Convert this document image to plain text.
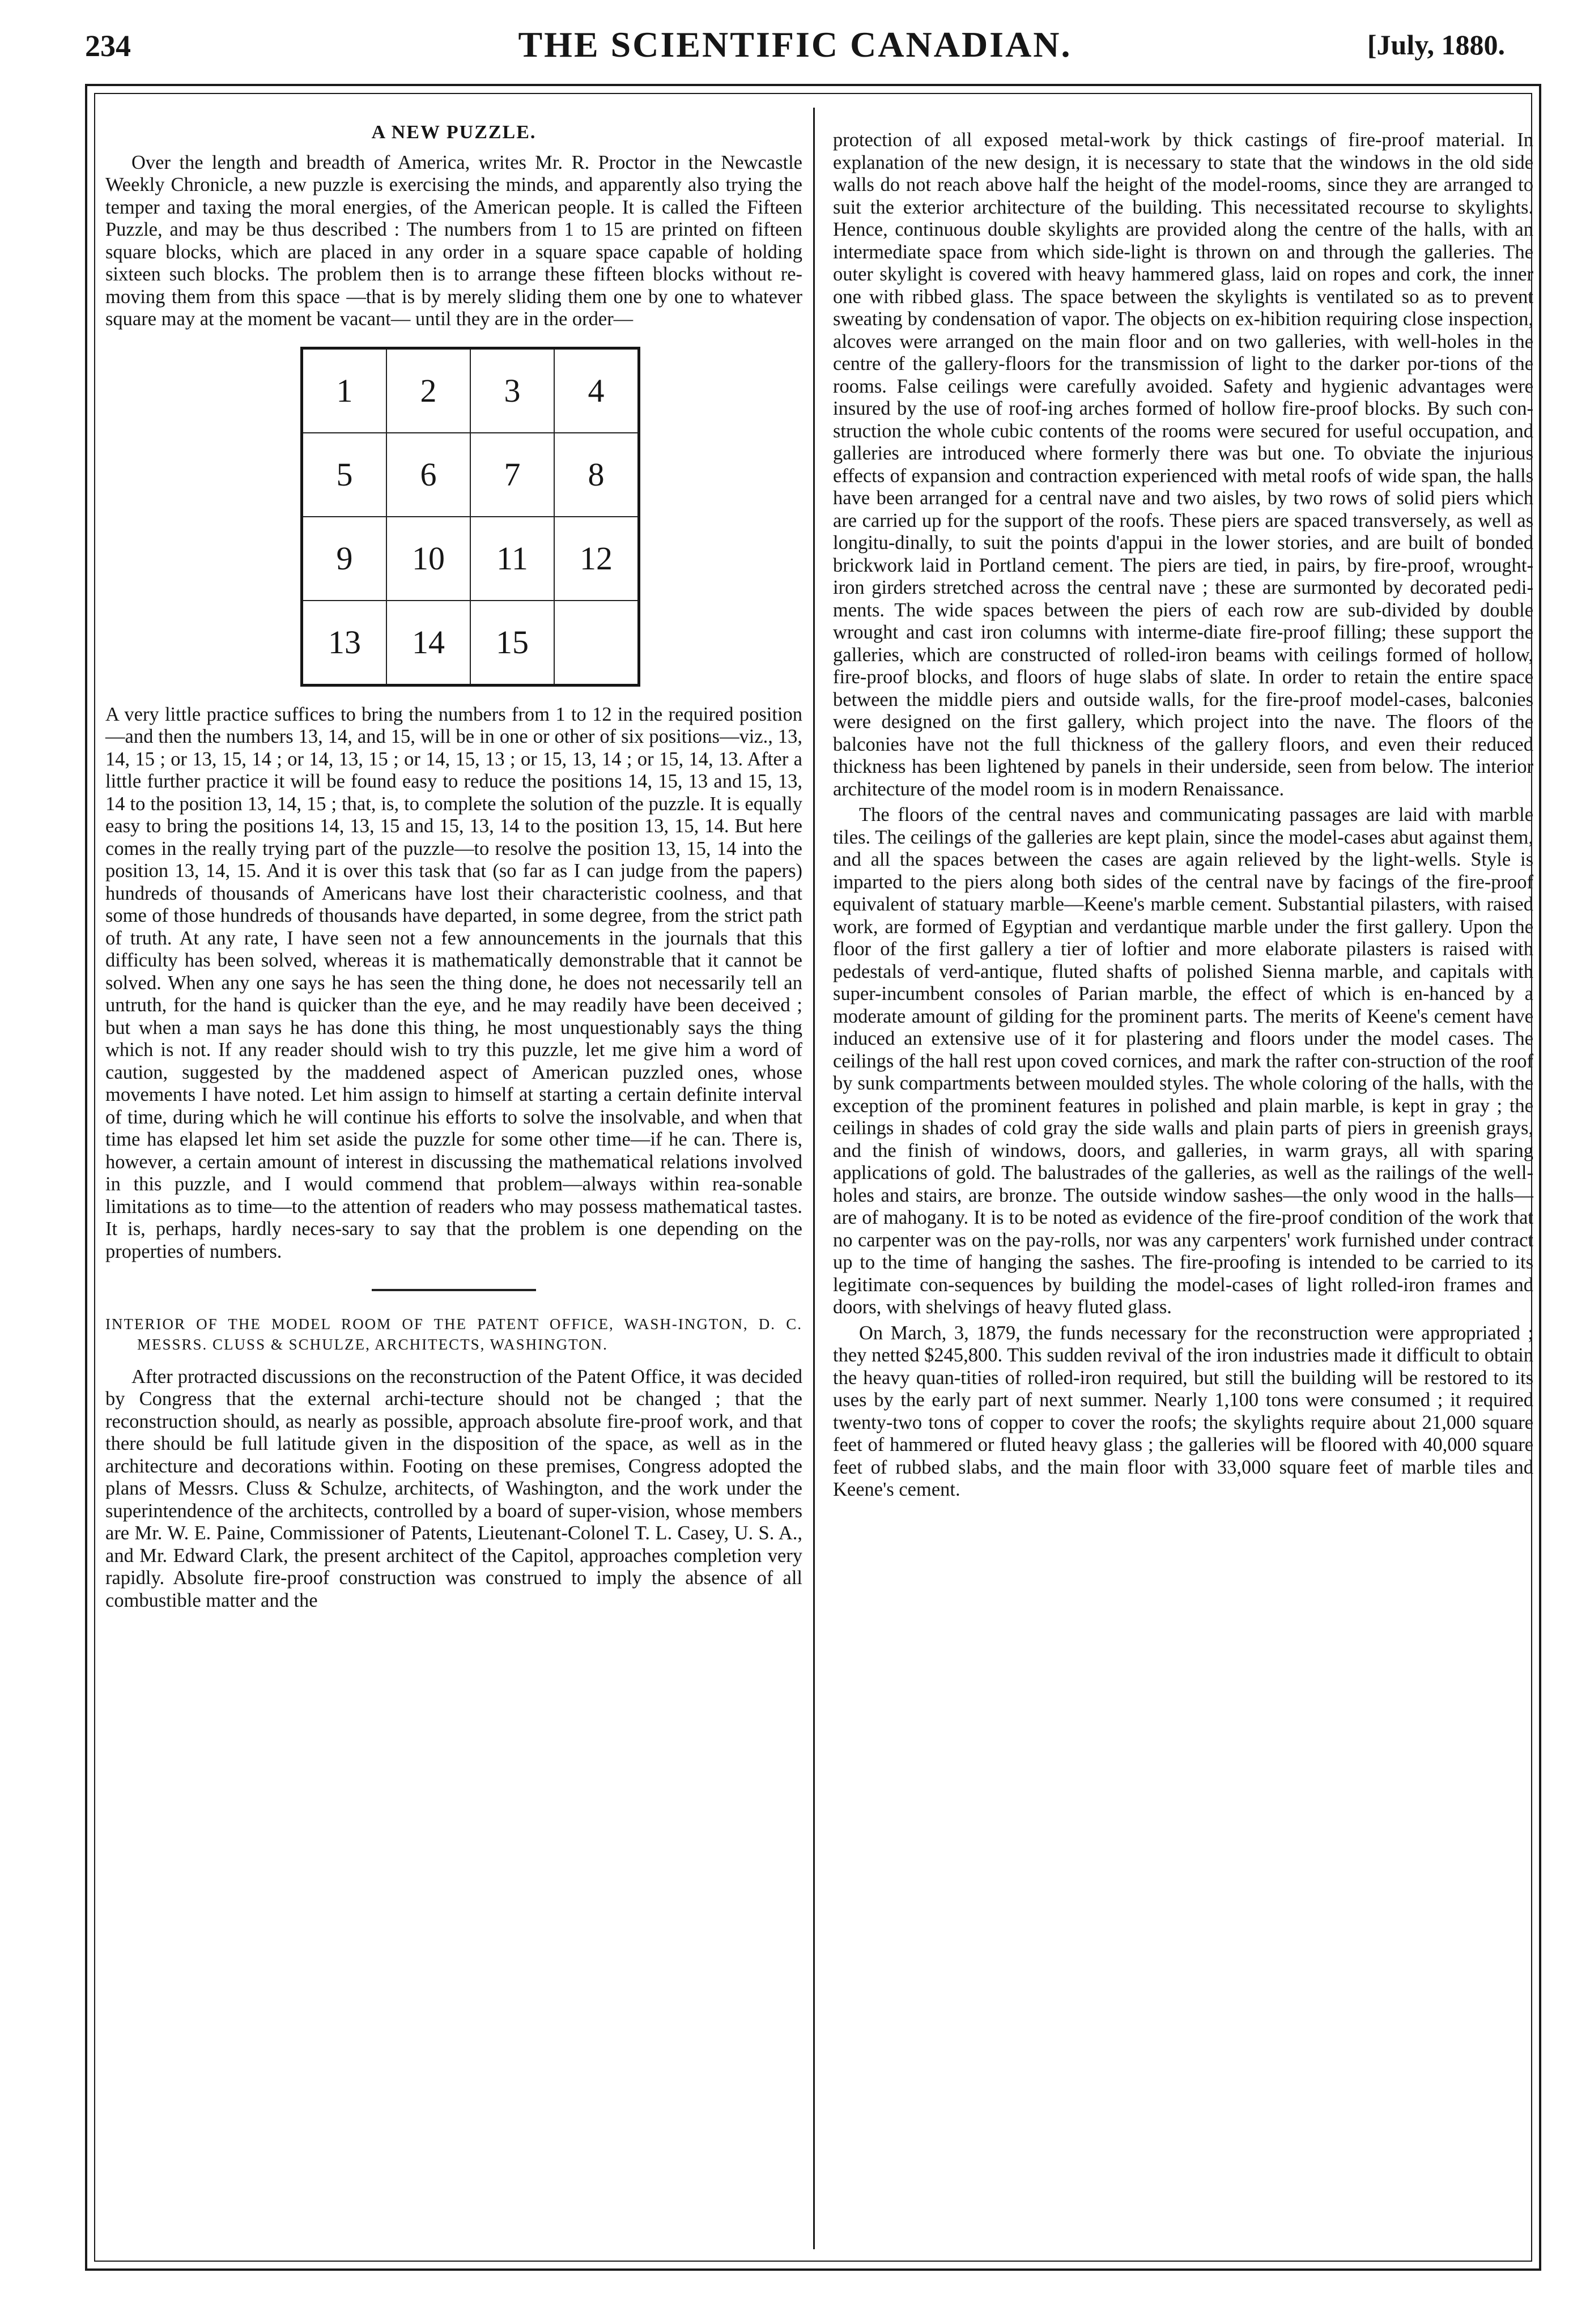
234	THE SCIENTIFIC CANADIAN.	[July, 1880.
A NEW PUZZLE.

Over the length and breadth of America, writes Mr. R. Proctor in the Newcastle Weekly Chronicle, a new puzzle is exercising the minds, and apparently also trying the temper and taxing the moral energies, of the American people. It is called the Fifteen Puzzle, and may be thus described : The numbers from 1 to 15 are printed on fifteen square blocks, which are placed in any order in a square space capable of holding sixteen such blocks. The problem then is to arrange these fifteen blocks without re-moving them from this space —that is by merely sliding them one by one to whatever square may at the moment be vacant— until they are in the order—

1	2	3	4
5	6	7	8
9	10	11	12
13	14	15	

A very little practice suffices to bring the numbers from 1 to 12 in the required position—and then the numbers 13, 14, and 15, will be in one or other of six positions—viz., 13, 14, 15 ; or 13, 15, 14 ; or 14, 13, 15 ; or 14, 15, 13 ; or 15, 13, 14 ; or 15, 14, 13. After a little further practice it will be found easy to reduce the positions 14, 15, 13 and 15, 13, 14 to the position 13, 14, 15 ; that, is, to complete the solution of the puzzle. It is equally easy to bring the positions 14, 13, 15 and 15, 13, 14 to the position 13, 15, 14. But here comes in the really trying part of the puzzle—to resolve the position 13, 15, 14 into the position 13, 14, 15. And it is over this task that (so far as I can judge from the papers) hundreds of thousands of Americans have lost their characteristic coolness, and that some of those hundreds of thousands have departed, in some degree, from the strict path of truth. At any rate, I have seen not a few announcements in the journals that this difficulty has been solved, whereas it is mathematically demonstrable that it cannot be solved. When any one says he has seen the thing done, he does not necessarily tell an untruth, for the hand is quicker than the eye, and he may readily have been deceived ; but when a man says he has done this thing, he most unquestionably says the thing which is not. If any reader should wish to try this puzzle, let me give him a word of caution, suggested by the maddened aspect of American puzzled ones, whose movements I have noted. Let him assign to himself at starting a certain definite interval of time, during which he will continue his efforts to solve the insolvable, and when that time has elapsed let him set aside the puzzle for some other time—if he can. There is, however, a certain amount of interest in discussing the mathematical relations involved in this puzzle, and I would commend that problem—always within rea-sonable limitations as to time—to the attention of readers who may possess mathematical tastes. It is, perhaps, hardly neces-sary to say that the problem is one depending on the properties of numbers.

INTERIOR OF THE MODEL ROOM OF THE PATENT OFFICE, WASH-INGTON, D. C. MESSRS. CLUSS & SCHULZE, ARCHITECTS, WASHINGTON.

After protracted discussions on the reconstruction of the Patent Office, it was decided by Congress that the external archi-tecture should not be changed ; that the reconstruction should, as nearly as possible, approach absolute fire-proof work, and that there should be full latitude given in the disposition of the space, as well as in the architecture and decorations within. Footing on these premises, Congress adopted the plans of Messrs. Cluss & Schulze, architects, of Washington, and the work under the superintendence of the architects, controlled by a board of super-vision, whose members are Mr. W. E. Paine, Commissioner of Patents, Lieutenant-Colonel T. L. Casey, U. S. A., and Mr. Edward Clark, the present architect of the Capitol, approaches completion very rapidly. Absolute fire-proof construction was construed to imply the absence of all combustible matter and the

protection of all exposed metal-work by thick castings of fire-proof material. In explanation of the new design, it is necessary to state that the windows in the old side walls do not reach above half the height of the model-rooms, since they are arranged to suit the exterior architecture of the building. This necessitated recourse to skylights. Hence, continuous double skylights are provided along the centre of the halls, with an intermediate space from which side-light is thrown on and through the galleries. The outer skylight is covered with heavy hammered glass, laid on ropes and cork, the inner one with ribbed glass. The space between the skylights is ventilated so as to prevent sweating by condensation of vapor. The objects on ex-hibition requiring close inspection, alcoves were arranged on the main floor and on two galleries, with well-holes in the centre of the gallery-floors for the transmission of light to the darker por-tions of the rooms. False ceilings were carefully avoided. Safety and hygienic advantages were insured by the use of roof-ing arches formed of hollow fire-proof blocks. By such con-struction the whole cubic contents of the rooms were secured for useful occupation, and galleries are introduced where formerly there was but one. To obviate the injurious effects of expansion and contraction experienced with metal roofs of wide span, the halls have been arranged for a central nave and two aisles, by two rows of solid piers which are carried up for the support of the roofs. These piers are spaced transversely, as well as longitu-dinally, to suit the points d'appui in the lower stories, and are built of bonded brickwork laid in Portland cement. The piers are tied, in pairs, by fire-proof, wrought-iron girders stretched across the central nave ; these are surmonted by decorated pedi-ments. The wide spaces between the piers of each row are sub-divided by double wrought and cast iron columns with interme-diate fire-proof filling; these support the galleries, which are constructed of rolled-iron beams with ceilings formed of hollow, fire-proof blocks, and floors of huge slabs of slate. In order to retain the entire space between the middle piers and outside walls, for the fire-proof model-cases, balconies were designed on the first gallery, which project into the nave. The floors of the balconies have not the full thickness of the gallery floors, and even their reduced thickness has been lightened by panels in their underside, seen from below. The interior architecture of the model room is in modern Renaissance.

The floors of the central naves and communicating passages are laid with marble tiles. The ceilings of the galleries are kept plain, since the model-cases abut against them, and all the spaces between the cases are again relieved by the light-wells. Style is imparted to the piers along both sides of the central nave by facings of the fire-proof equivalent of statuary marble—Keene's marble cement. Substantial pilasters, with raised work, are formed of Egyptian and verdantique marble under the first gallery. Upon the floor of the first gallery a tier of loftier and more elaborate pilasters is raised with pedestals of verd-antique, fluted shafts of polished Sienna marble, and capitals with super-incumbent consoles of Parian marble, the effect of which is en-hanced by a moderate amount of gilding for the prominent parts. The merits of Keene's cement have induced an extensive use of it for plastering and floors under the model cases. The ceilings of the hall rest upon coved cornices, and mark the rafter con-struction of the roof by sunk compartments between moulded styles. The whole coloring of the halls, with the exception of the prominent features in polished and plain marble, is kept in gray ; the ceilings in shades of cold gray the side walls and plain parts of piers in greenish grays, and the finish of windows, doors, and galleries, in warm grays, all with sparing applications of gold. The balustrades of the galleries, as well as the railings of the well-holes and stairs, are bronze. The outside window sashes—the only wood in the halls—are of mahogany. It is to be noted as evidence of the fire-proof condition of the work that no carpenter was on the pay-rolls, nor was any carpenters' work furnished under contract up to the time of hanging the sashes. The fire-proofing is intended to be carried to its legitimate con-sequences by building the model-cases of light rolled-iron frames and doors, with shelvings of heavy fluted glass.

On March, 3, 1879, the funds necessary for the reconstruction were appropriated ; they netted $245,800. This sudden revival of the iron industries made it difficult to obtain the heavy quan-tities of rolled-iron required, but still the building will be restored to its uses by the early part of next summer. Nearly 1,100 tons were consumed ; it required twenty-two tons of copper to cover the roofs; the skylights require about 21,000 square feet of hammered or fluted heavy glass ; the galleries will be floored with 40,000 square feet of rubbed slabs, and the main floor with 33,000 square feet of marble tiles and Keene's cement.
